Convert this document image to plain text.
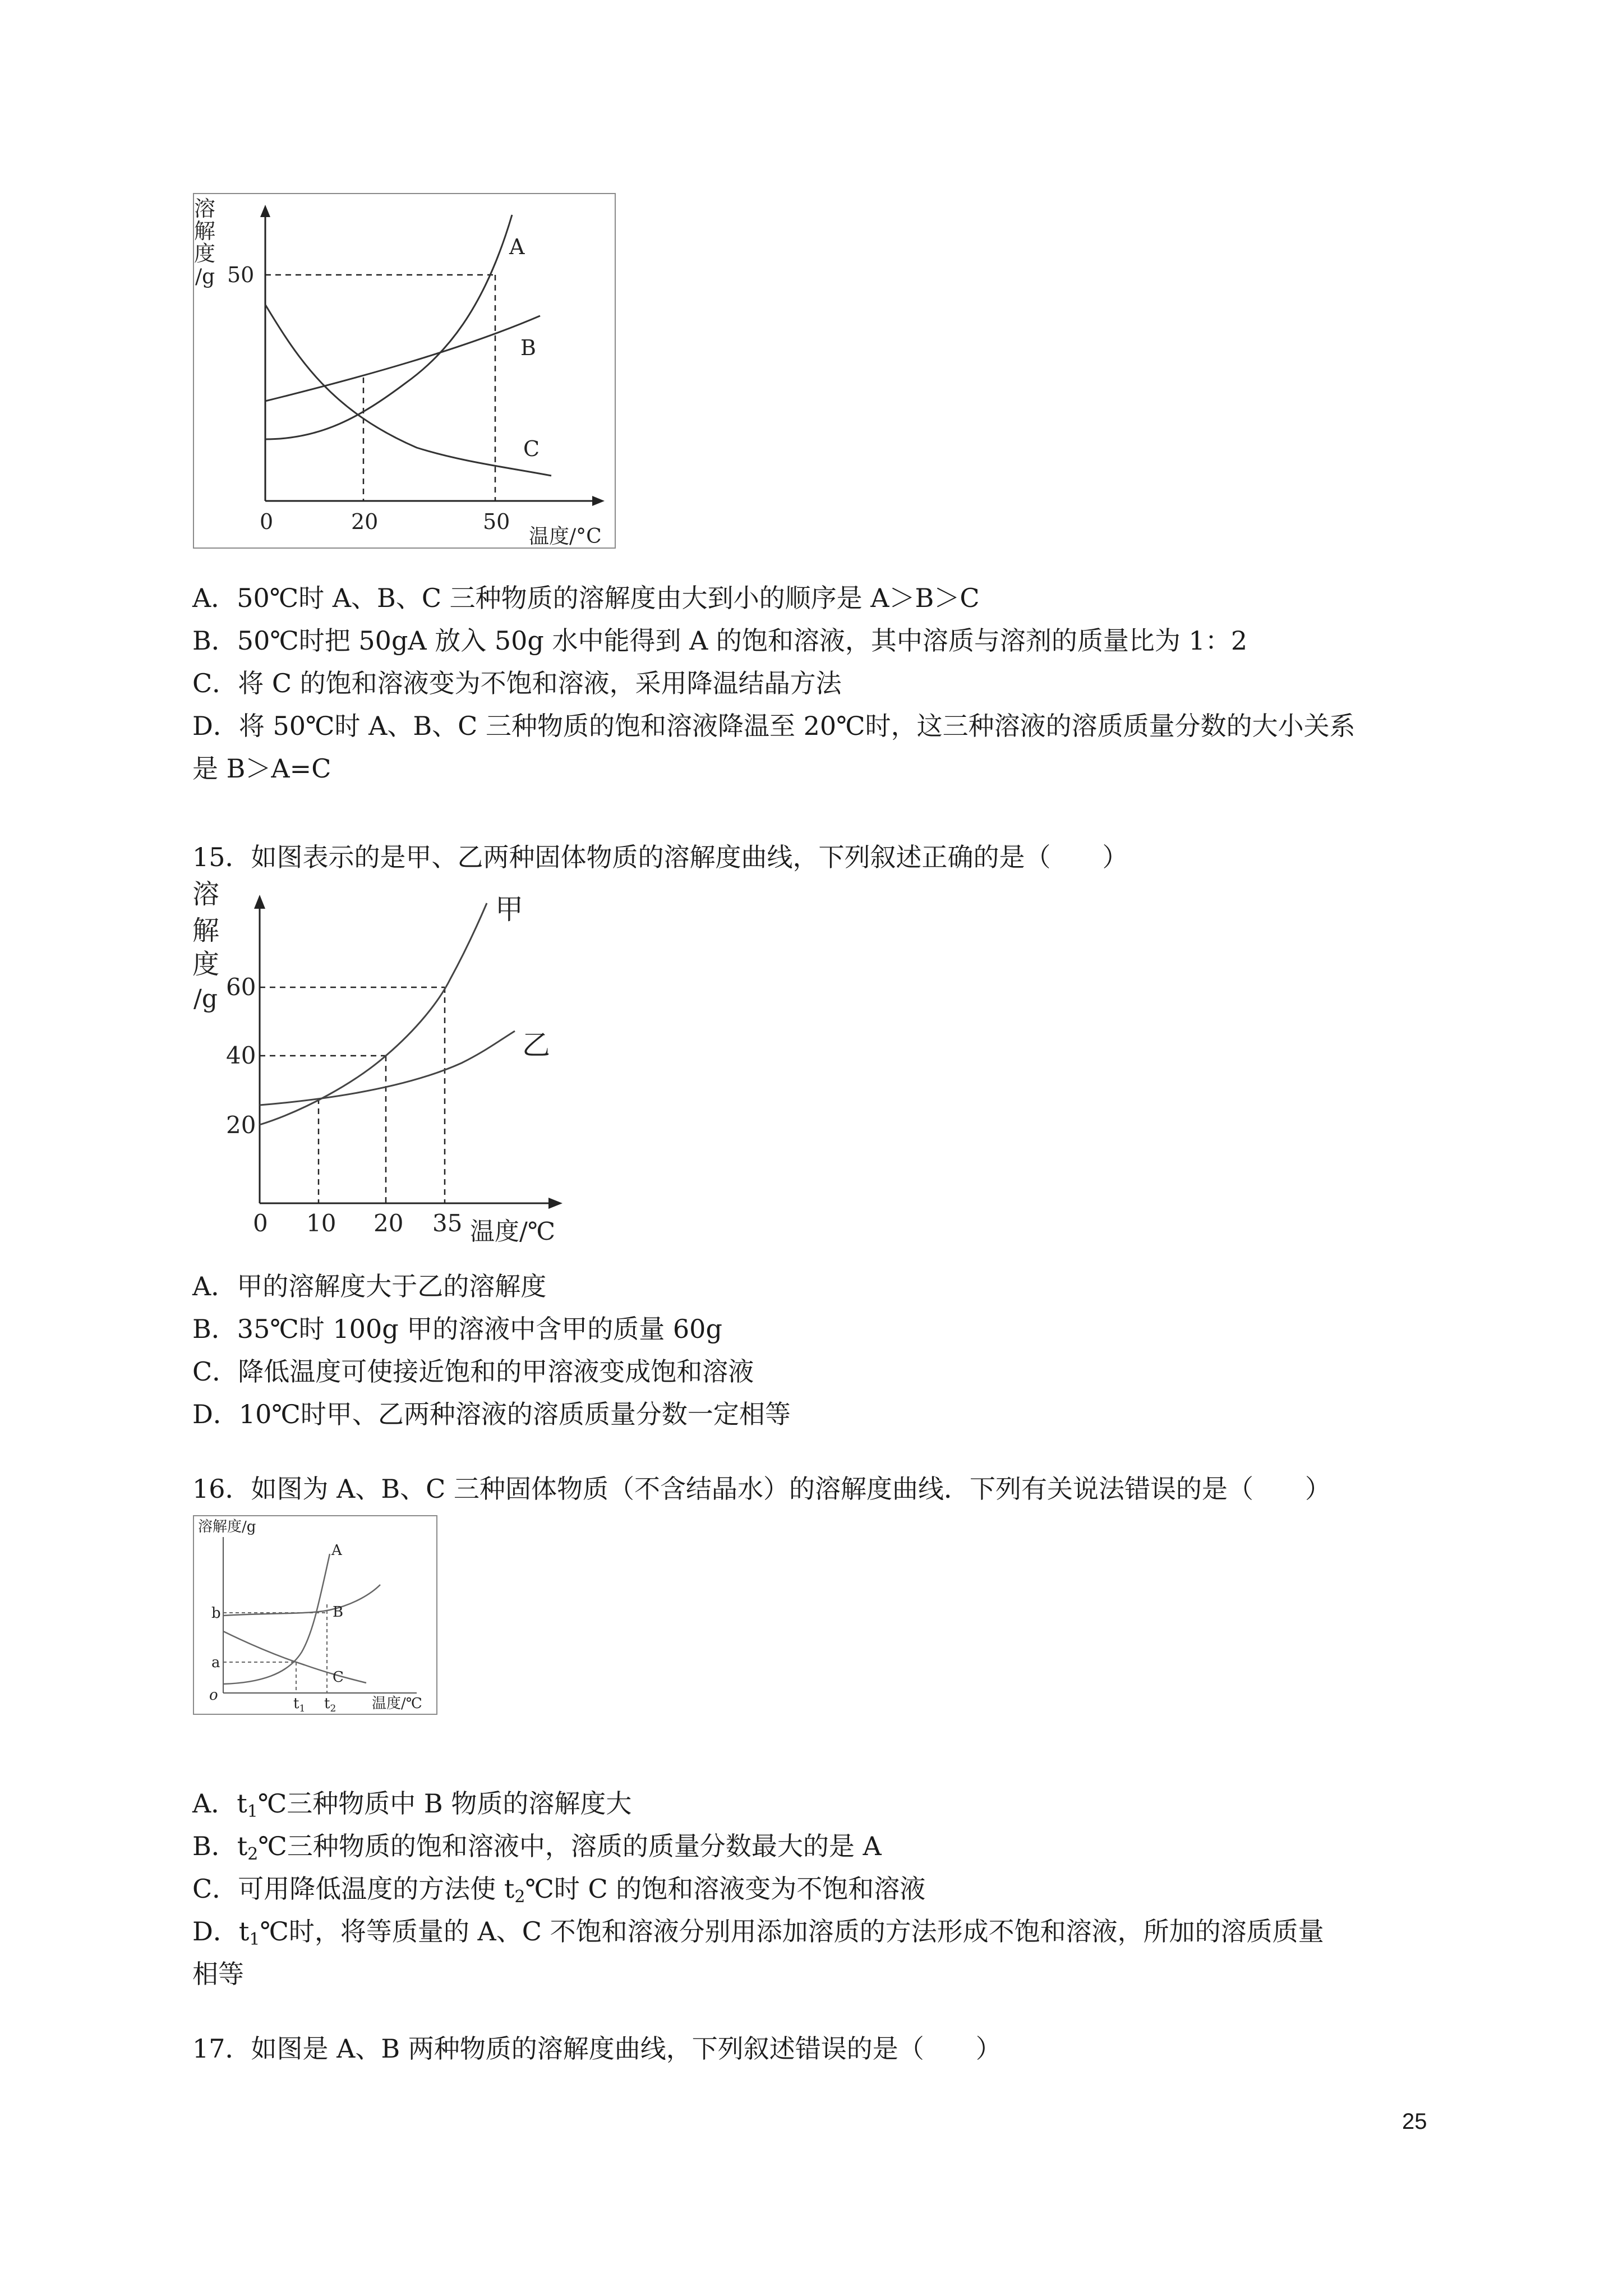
溶
解
度
/g 50
0	20	50
温度/°C
A
B
C
A．50℃时 A、B、C 三种物质的溶解度由大到小的顺序是 A＞B＞C
B．50℃时把 50gA 放入 50g 水中能得到 A 的饱和溶液，其中溶质与溶剂的质量比为 1：2
C．将 C 的饱和溶液变为不饱和溶液，采用降温结晶方法
D．将 50℃时 A、B、C 三种物质的饱和溶液降温至 20℃时，这三种溶液的溶质质量分数的大小关系
是 B＞A=C
15．如图表示的是甲、乙两种固体物质的溶解度曲线，下列叙述正确的是（　　）
溶
解
度
/g 60
40
20
0 10 20 35 温度/℃
甲
乙
A．甲的溶解度大于乙的溶解度
B．35℃时 100g 甲的溶液中含甲的质量 60g
C．降低温度可使接近饱和的甲溶液变成饱和溶液
D．10℃时甲、乙两种溶液的溶质质量分数一定相等
16．如图为 A、B、C 三种固体物质（不含结晶水）的溶解度曲线．下列有关说法错误的是（　　）
溶解度/g
b
a
o	$t_1$ $t_2$ 温度/℃
A
B
C
A．$t_1℃$三种物质中 B 物质的溶解度大
B．$t_2℃$三种物质的饱和溶液中，溶质的质量分数最大的是 A
C．可用降低温度的方法使 $t_2℃$时 C 的饱和溶液变为不饱和溶液
D．$t_1℃$时，将等质量的 A、C 不饱和溶液分别用添加溶质的方法形成不饱和溶液，所加的溶质质量
相等
17．如图是 A、B 两种物质的溶解度曲线，下列叙述错误的是（　　）
25
